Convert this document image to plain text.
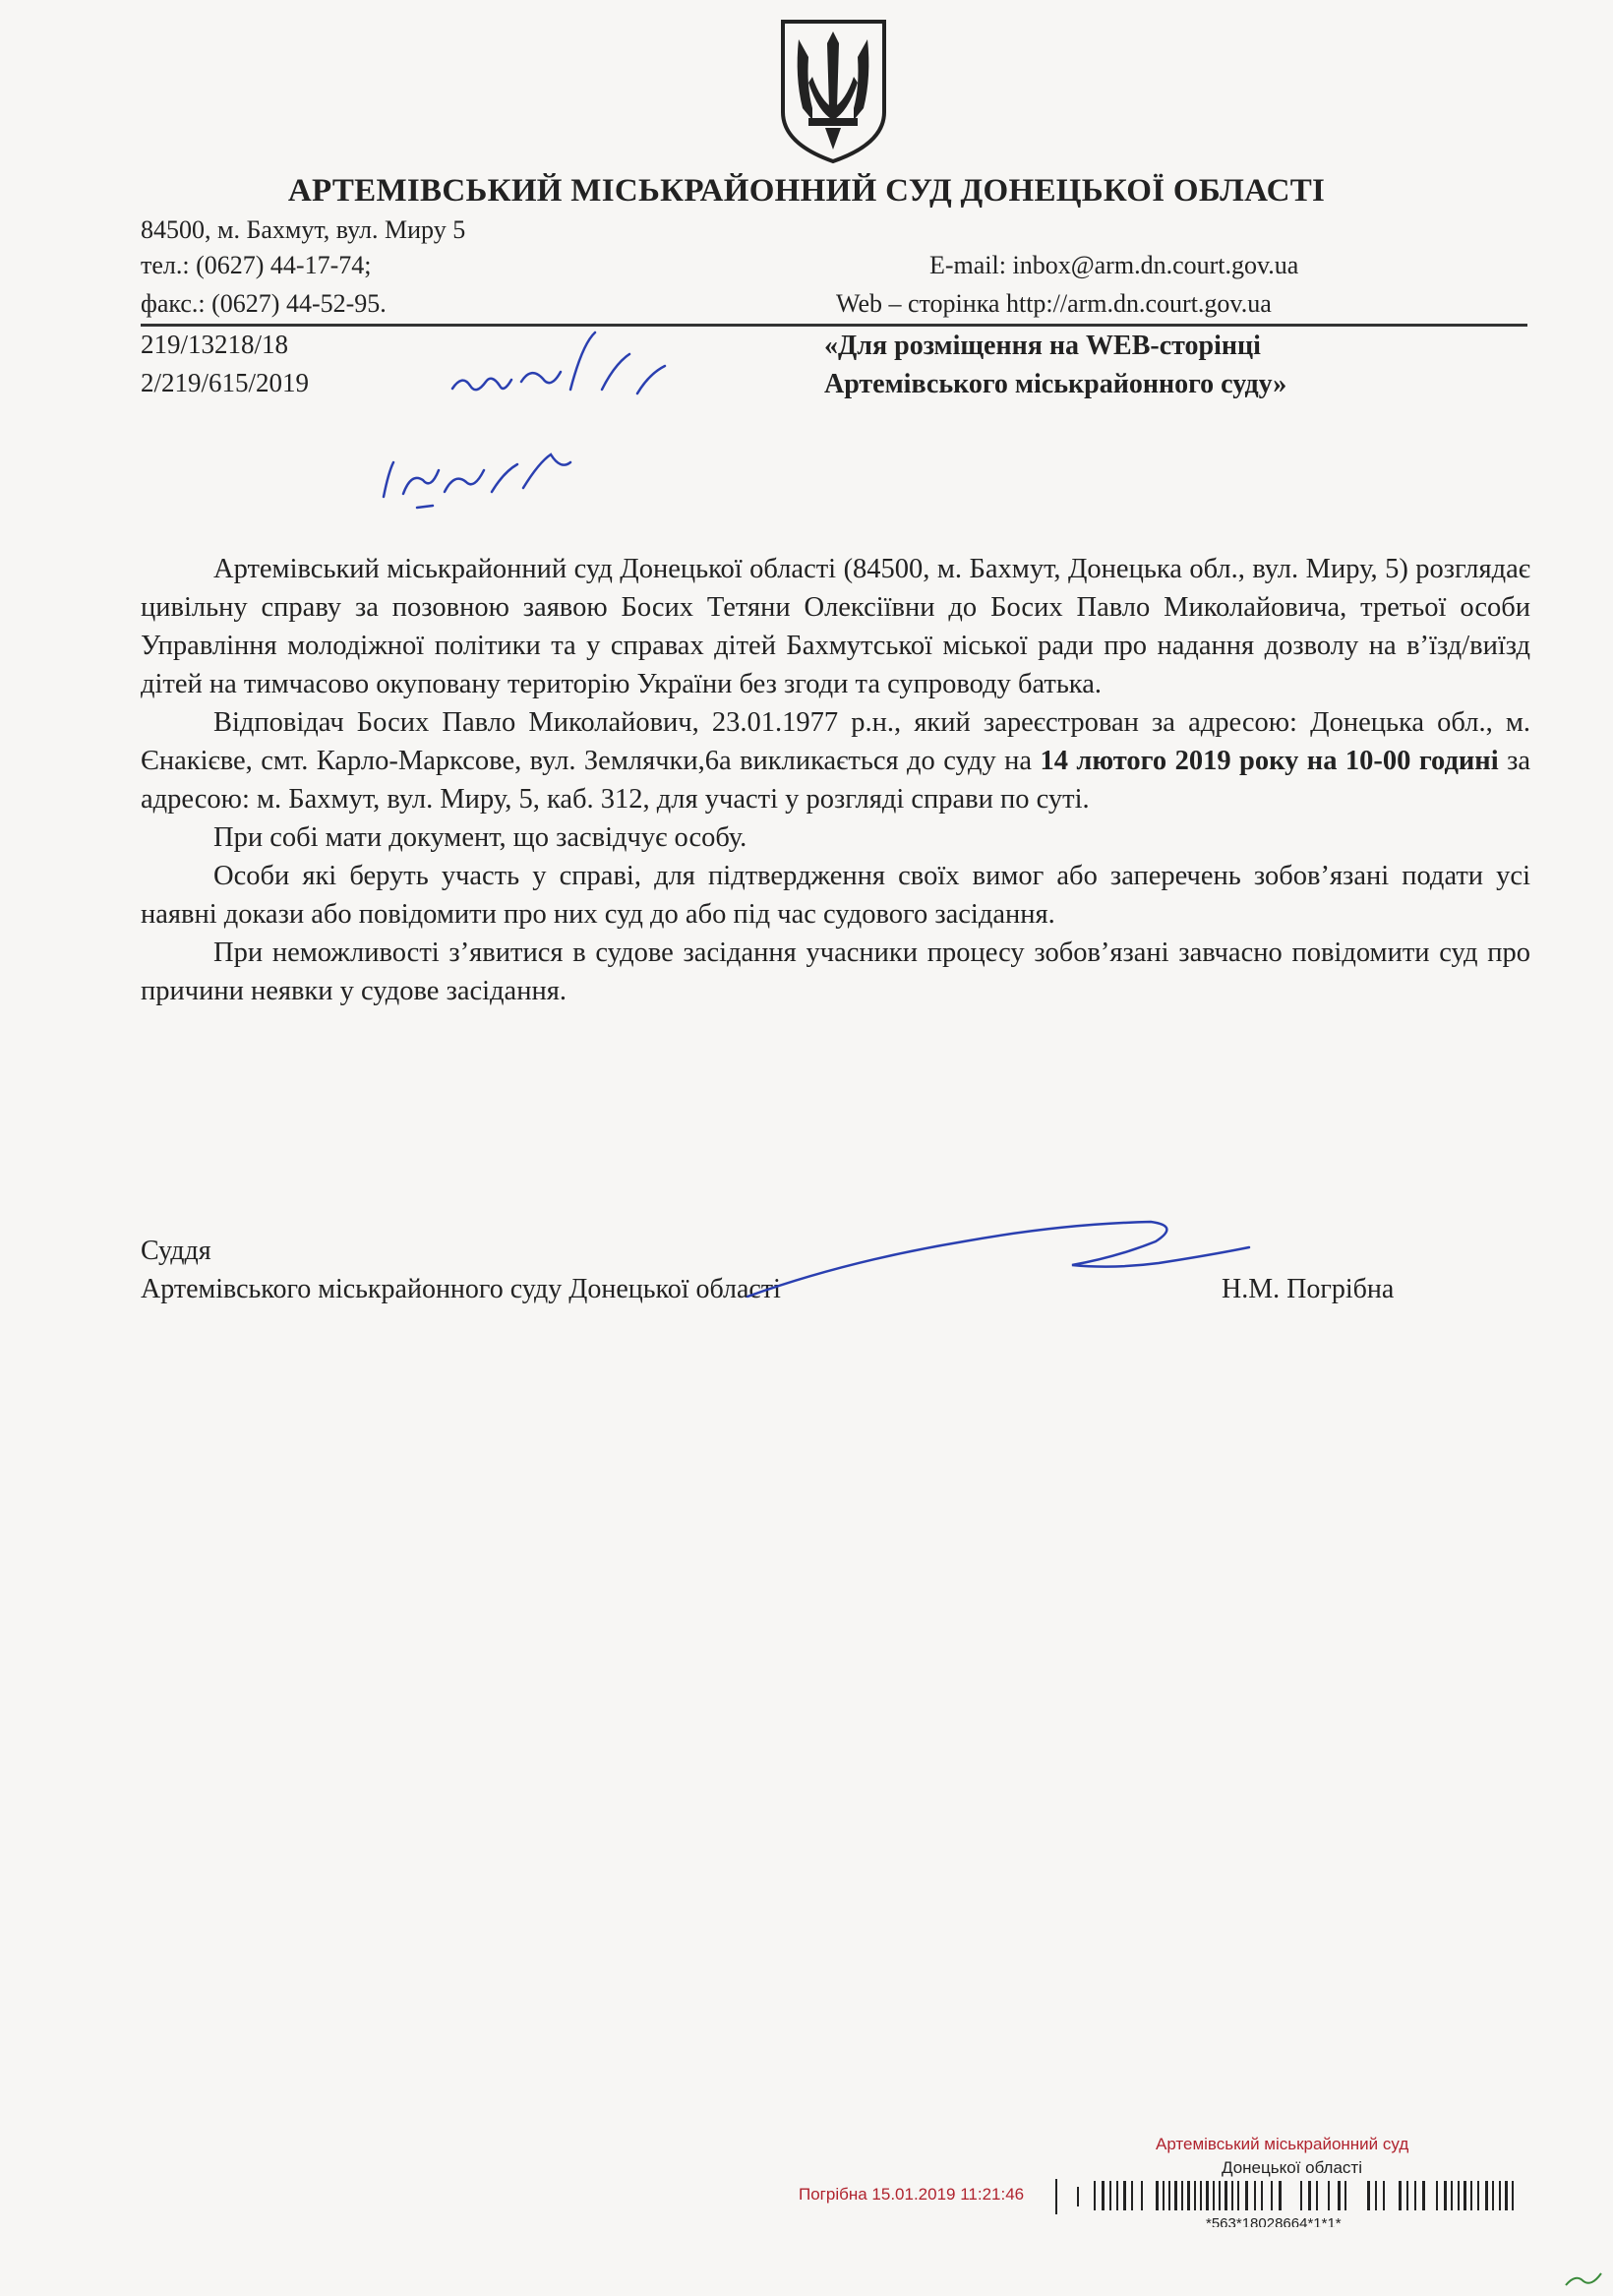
АРТЕМІВСЬКИЙ МІСЬКРАЙОННИЙ СУД ДОНЕЦЬКОЇ ОБЛАСТІ
84500, м. Бахмут, вул. Миру 5
тел.: (0627) 44-17-74;
факс.: (0627) 44-52-95.
E-mail: inbox@arm.dn.court.gov.ua
Web – сторінка http://arm.dn.court.gov.ua
219/13218/18
2/219/615/2019
«Для розміщення на WEB-сторінці
Артемівського міськрайонного суду»

Артемівський міськрайонний суд Донецької області (84500, м. Бахмут, Донецька обл., вул. Миру, 5) розглядає цивільну справу за позовною заявою Босих Тетяни Олексіївни до Босих Павло Миколайовича, третьої особи Управління молодіжної політики та у справах дітей Бахмутської міської ради про надання дозволу на в’їзд/виїзд дітей на тимчасово окуповану територію України без згоди та супроводу батька.

Відповідач Босих Павло Миколайович, 23.01.1977 р.н., який зареєстрован за адресою: Донецька обл., м. Єнакієве, смт. Карло-Марксове, вул. Землячки,6а викликається до суду на 14 лютого 2019 року на 10-00 годині за адресою: м. Бахмут, вул. Миру, 5, каб. 312, для участі у розгляді справи по суті.

При собі мати документ, що засвідчує особу.

Особи які беруть участь у справі, для підтвердження своїх вимог або заперечень зобов’язані подати усі наявні докази або повідомити про них суд до або під час судового засідання.

При неможливості з’явитися в судове засідання учасники процесу зобов’язані завчасно повідомити суд про причини неявки у судове засідання.

Суддя
Артемівського міськрайонного суду Донецької області	Н.М. Погрібна
Артемівський міськрайонний суд
Донецької області
Погрібна 15.01.2019 11:21:46
*563*18028664*1*1*
